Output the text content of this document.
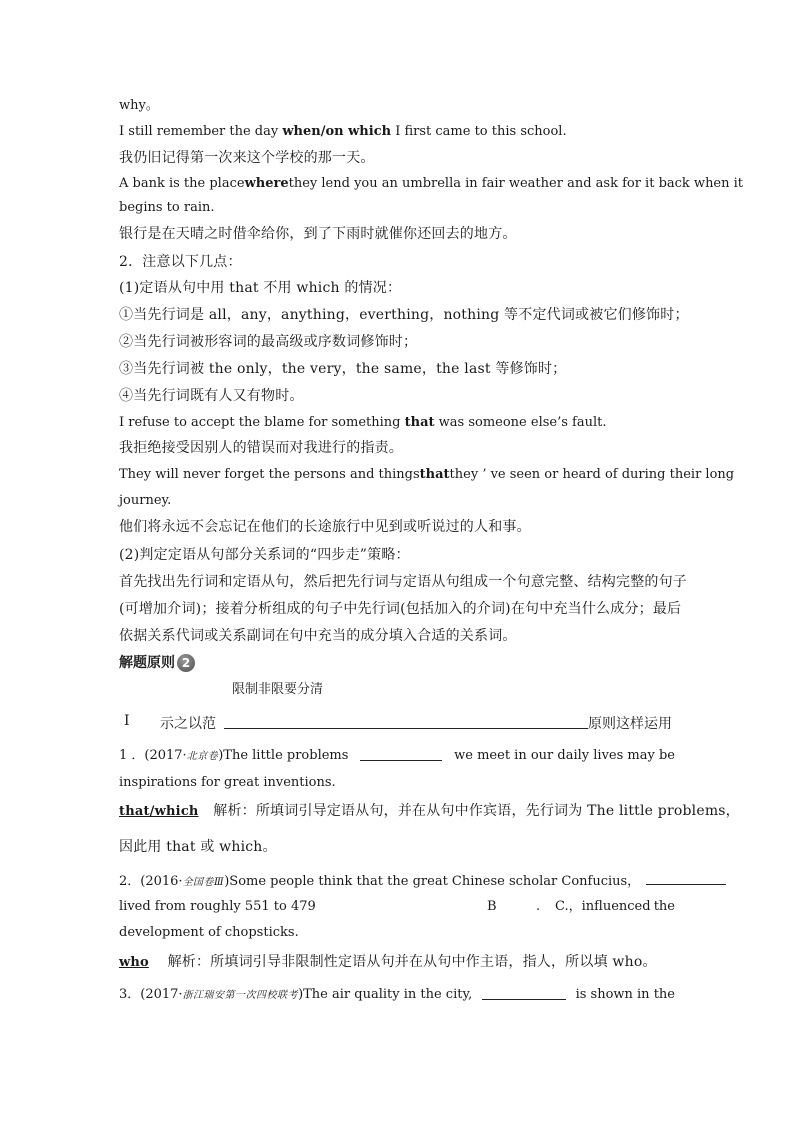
why。
I still remember the day when/on which I first came to this school.
我仍旧记得第一次来这个学校的那一天。
A bank is the place where they lend you an umbrella in fair weather and ask for it back when it
begins to rain.
银行是在天晴之时借伞给你，到了下雨时就催你还回去的地方。
2．注意以下几点：
(1)定语从句中用 that 不用 which 的情况：
①当先行词是 all，any，anything，everthing，nothing 等不定代词或被它们修饰时；
②当先行词被形容词的最高级或序数词修饰时；
③当先行词被 the only，the very，the same，the last 等修饰时；
④当先行词既有人又有物时。
I refuse to accept the blame for something that was someone else’s fault.
我拒绝接受因别人的错误而对我进行的指责。
They will never forget the persons and things that they ’ ve seen or heard of during their long
journey.
他们将永远不会忘记在他们的长途旅行中见到或听说过的人和事。
(2)判定定语从句部分关系词的“四步走”策略：
首先找出先行词和定语从句，然后把先行词与定语从句组成一个句意完整、结构完整的句子
(可增加介词)；接着分析组成的句子中先行词(包括加入的介词)在句中充当什么成分；最后
依据关系代词或关系副词在句中充当的成分填入合适的关系词。
解题原则 2
限制非限要分清
Ⅰ 示之以范	原则这样运用
1 ．(2017·北京卷)The little problems	we meet in our daily lives may be
inspirations for great inventions.
that/which 解析：所填词引导定语从句，并在从句中作宾语，先行词为 The little problems，
因此用 that 或 which。
2．(2016·全国卷Ⅲ)Some people think that the great Chinese scholar Confucius，
lived from roughly 551 to 479	B	. C.，influenced the
development of chopsticks.
who 解析：所填词引导非限制性定语从句并在从句中作主语，指人，所以填 who。
3．(2017·浙江瑞安第一次四校联考)The air quality in the city,	is shown in the
